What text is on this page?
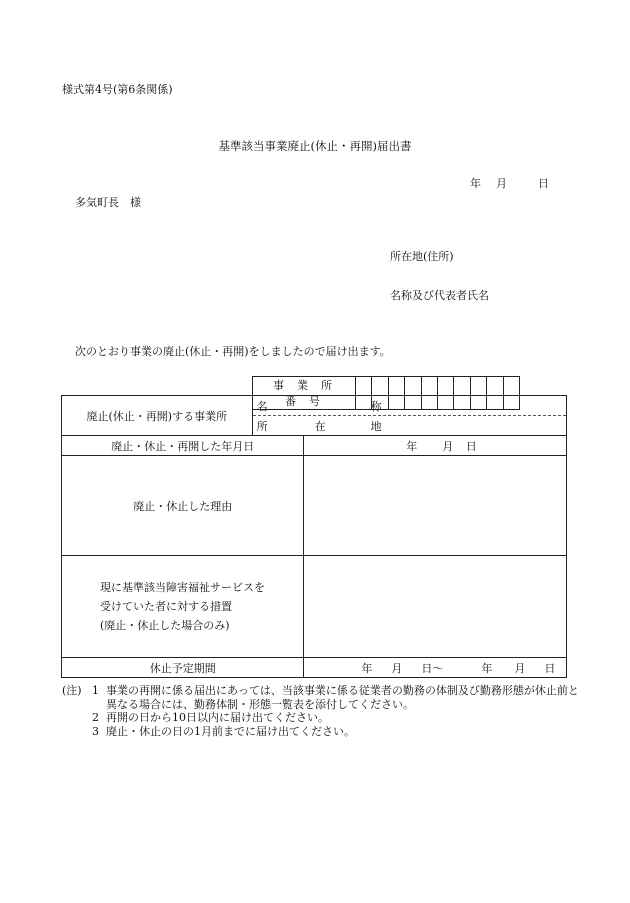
様式第4号(第6条関係)
基準該当事業廃止(休止・再開)届出書
年 月	日
多気町長　様
所在地(住所)
名称及び代表者氏名
次のとおり事業の廃止(休止・再開)をしましたので届け出ます。
事業所番号										
廃止(休止・再開)する事業所	名 称
所 在 地	

廃止・休止・再開した年月日		年 月 日
廃止・休止した理由		

現に基準該当障害福祉サービスを
受けていた者に対する措置
(廃止・休止した場合のみ)		

休止予定期間		年 月 日〜 年 月 日
(注) 1 事業の再開に係る届出にあっては、当該事業に係る従業者の勤務の体制及び勤務形態が休止前と異なる場合には、勤務体制・形態一覧表を添付してください。
2 再開の日から10日以内に届け出てください。
3 廃止・休止の日の1月前までに届け出てください。
